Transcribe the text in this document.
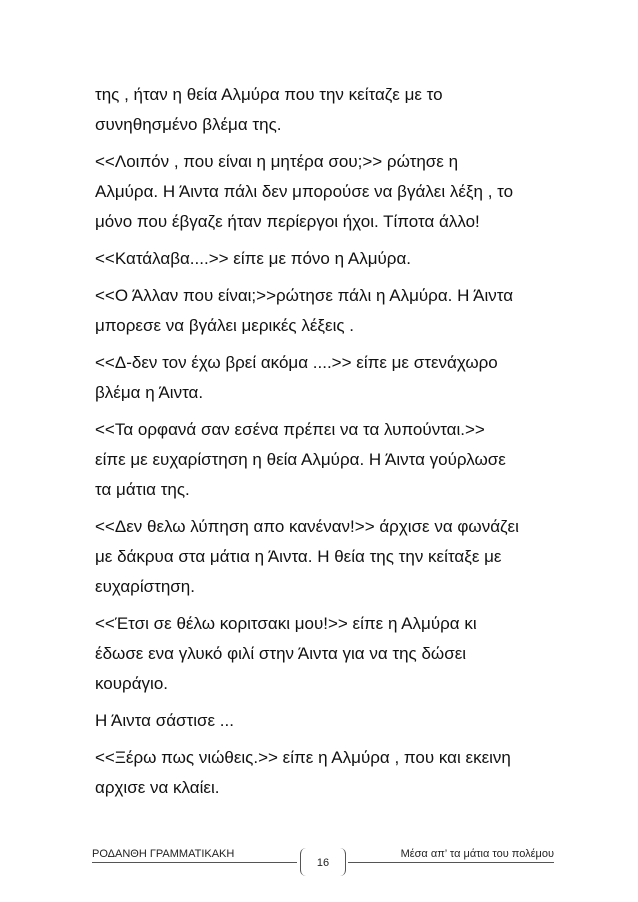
της , ήταν η θεία Αλμύρα που την κείταζε με το
συνηθησμένο βλέμα της.

<<Λοιπόν , που είναι η μητέρα σου;>> ρώτησε η
Αλμύρα. Η Άιντα πάλι δεν μπορούσε να βγάλει λέξη , το
μόνο που έβγαζε ήταν περίεργοι ήχοι. Τίποτα άλλο!

<<Κατάλαβα....>> είπε με πόνο η Αλμύρα.

<<Ο Άλλαν που είναι;>>ρώτησε πάλι η Αλμύρα. Η Άιντα
μπορεσε να βγάλει μερικές λέξεις .

<<Δ-δεν τον έχω βρεί ακόμα ....>> είπε με στενάχωρο
βλέμα η Άιντα.

<<Τα ορφανά σαν εσένα πρέπει να τα λυπούνται.>>
είπε με ευχαρίστηση η θεία Αλμύρα. Η Άιντα γούρλωσε
τα μάτια της.

<<Δεν θελω λύπηση απο κανέναν!>> άρχισε να φωνάζει
με δάκρυα στα μάτια η Άιντα. Η θεία της την κείταξε με
ευχαρίστηση.

<<Έτσι σε θέλω κοριτσακι μου!>> είπε η Αλμύρα κι
έδωσε ενα γλυκό φιλί στην Άιντα για να της δώσει
κουράγιο.

Η Άιντα σάστισε ...

<<Ξέρω πως νιώθεις.>> είπε η Αλμύρα , που και εκεινη
αρχισε να κλαίει.

ΡΟΔΑΝΘΗ ΓΡΑΜΜΑΤΙΚΑΚΗ
16
Μέσα απ’ τα μάτια του πολέμου
